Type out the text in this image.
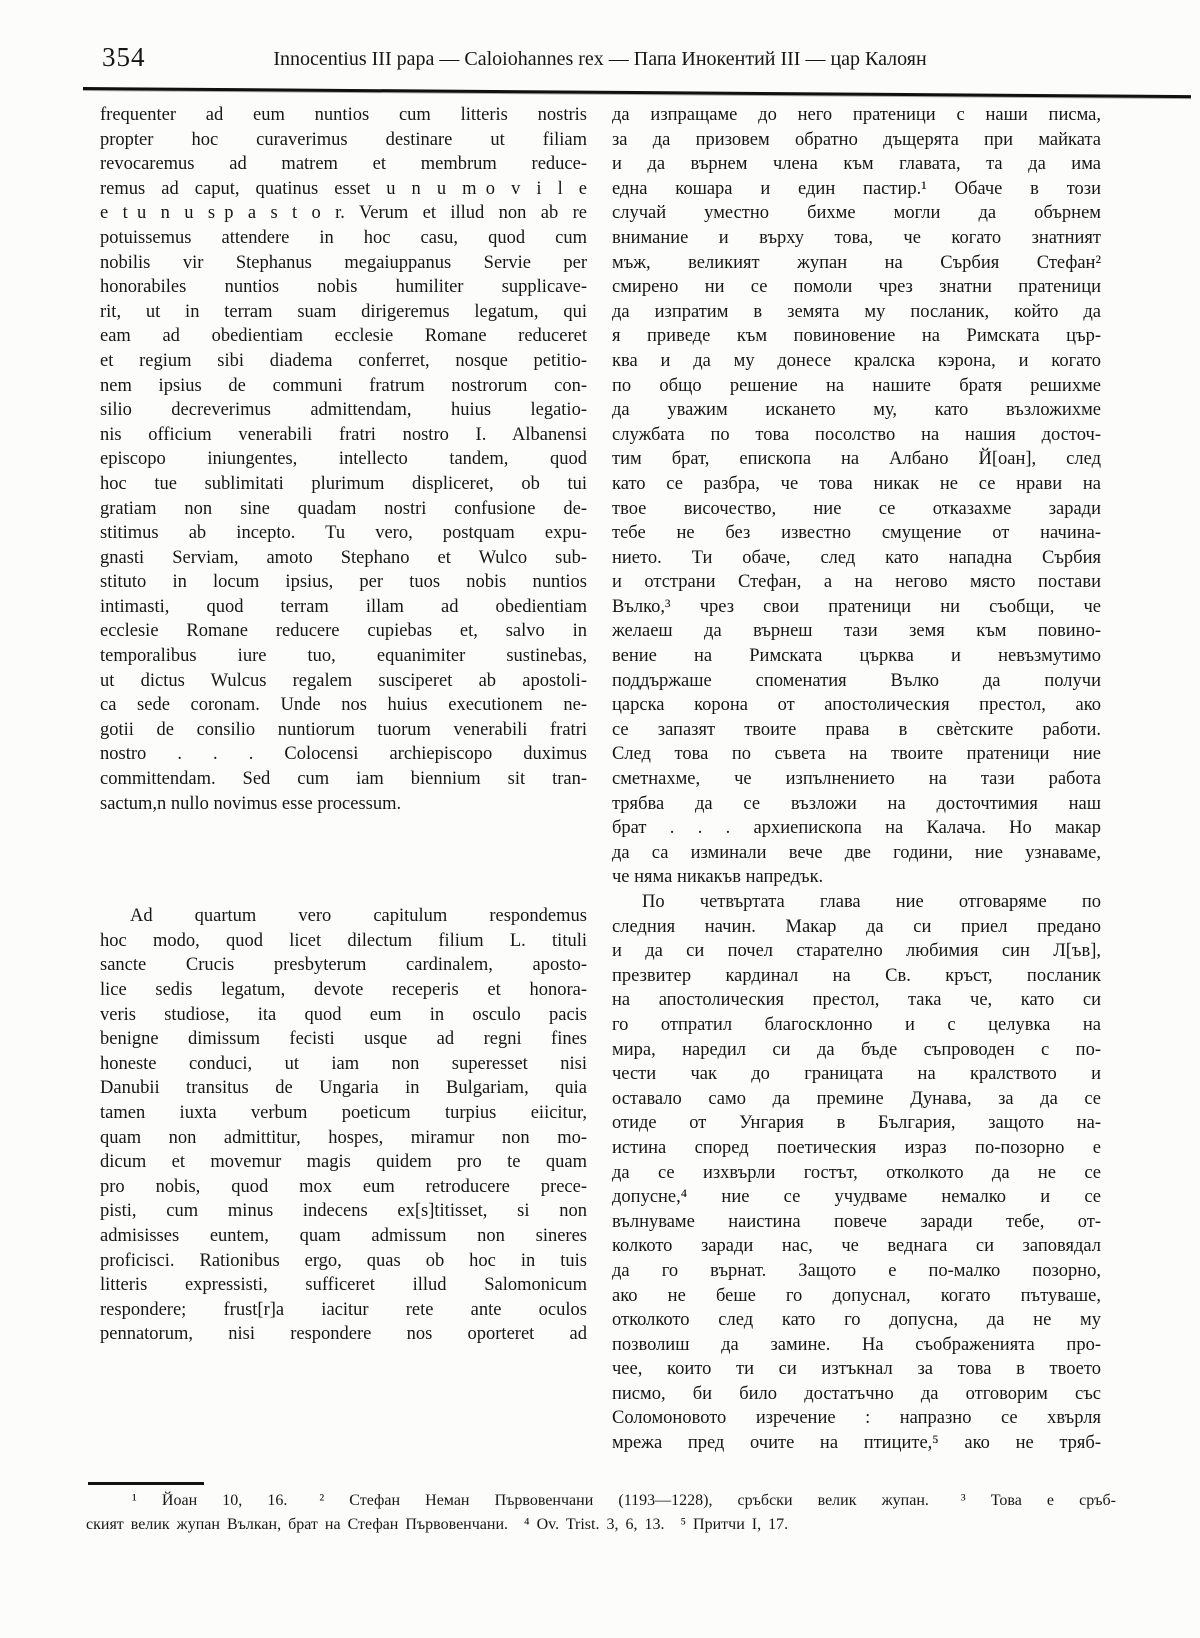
354	Innocentius III papa — Caloiohannes rex — Папа Инокентий III — цар Калоян
frequenter ad eum nuntios cum litteris nostris
propter hoc curaverimus destinare ut filiam
revocaremus ad matrem et membrum reduce-
remus ad caput, quatinus esset u n u m o v i l e
e t u n u s p a s t o r. Verum et illud non ab re
potuissemus attendere in hoc casu, quod cum
nobilis vir Stephanus megaiuppanus Servie per
honorabiles nuntios nobis humiliter supplicave-
rit, ut in terram suam dirigeremus legatum, qui
eam ad obedientiam ecclesie Romane reduceret
et regium sibi diadema conferret, nosque petitio-
nem ipsius de communi fratrum nostrorum con-
silio decreverimus admittendam, huius legatio-
nis officium venerabili fratri nostro I. Albanensi
episcopo iniungentes, intellecto tandem, quod
hoc tue sublimitati plurimum displiceret, ob tui
gratiam non sine quadam nostri confusione de-
stitimus ab incepto. Tu vero, postquam expu-
gnasti Serviam, amoto Stephano et Wulco sub-
stituto in locum ipsius, per tuos nobis nuntios
intimasti, quod terram illam ad obedientiam
ecclesie Romane reducere cupiebas et, salvo in
temporalibus iure tuo, equanimiter sustinebas,
ut dictus Wulcus regalem susciperet ab apostoli-
ca sede coronam. Unde nos huius executionem ne-
gotii de consilio nuntiorum tuorum venerabili fratri
nostro . . . Colocensi archiepiscopo duximus
committendam. Sed cum iam biennium sit tran-
sactum,n nullo novimus esse processum.
Ad quartum vero capitulum respondemus
hoc modo, quod licet dilectum filium L. tituli
sancte Crucis presbyterum cardinalem, aposto-
lice sedis legatum, devote receperis et honora-
veris studiose, ita quod eum in osculo pacis
benigne dimissum fecisti usque ad regni fines
honeste conduci, ut iam non superesset nisi
Danubii transitus de Ungaria in Bulgariam, quia
tamen iuxta verbum poeticum turpius eiicitur,
quam non admittitur, hospes, miramur non mo-
dicum et movemur magis quidem pro te quam
pro nobis, quod mox eum retroducere prece-
pisti, cum minus indecens ex[s]titisset, si non
admisisses euntem, quam admissum non sineres
proficisci. Rationibus ergo, quas ob hoc in tuis
litteris expressisti, sufficeret illud Salomonicum
respondere; frust[r]a iacitur rete ante oculos
pennatorum, nisi respondere nos oporteret ad
да изпращаме до него пратеници с наши писма,
за да призовем обратно дъщерята при майката
и да върнем члена към главата, та да има
една кошара и един пастир.¹ Обаче в този
случай уместно бихме могли да обърнем
внимание и върху това, че когато знатният
мъж, великият жупан на Сърбия Стефан²
смирено ни се помоли чрез знатни пратеници
да изпратим в земята му посланик, който да
я приведе към повиновение на Римската цър-
ква и да му донесе кралска кэрона, и когато
по общо решение на нашите братя решихме
да уважим искането му, като възложихме
службата по това посолство на нашия досточ-
тим брат, епископа на Албано Й[оан], след
като се разбра, че това никак не се нрави на
твое височество, ние се отказахме заради
тебе не без известно смущение от начина-
нието. Ти обаче, след като нападна Сърбия
и отстрани Стефан, а на негово място постави
Вълко,³ чрез свои пратеници ни съобщи, че
желаеш да върнеш тази земя към повино-
вение на Римската църква и невъзмутимо
поддържаше споменатия Вълко да получи
царска корона от апостолическия престол, ако
се запазят твоите права в свѐтските работи.
След това по съвета на твоите пратеници ние
сметнахме, че изпълнението на тази работа
трябва да се възложи на досточтимия наш
брат . . . архиепископа на Калача. Но макар
да са изминали вече две години, ние узнаваме,
че няма никакъв напредък.
По четвъртата глава ние отговаряме по
следния начин. Макар да си приел предано
и да си почел старателно любимия син Л[ъв],
презвитер кардинал на Св. кръст, посланик
на апостолическия престол, така че, като си
го отпратил благосклонно и с целувка на
мира, наредил си да бъде съпроводен с по-
чести чак до границата на кралството и
оставало само да премине Дунава, за да се
отиде от Унгария в България, защото на-
истина според поетическия израз по-позорно е
да се изхвърли гостът, отколкото да не се
допусне,⁴ ние се учудваме немалко и се
вълнуваме наистина повече заради тебе, от-
колкото заради нас, че веднага си заповядал
да го върнат. Защото е по-малко позорно,
ако не беше го допуснал, когато пътуваше,
отколкото след като го допусна, да не му
позволиш да замине. На съображенията про-
чее, които ти си изтъкнал за това в твоето
писмо, би било достатъчно да отговорим със
Соломоновото изречение : напразно се хвърля
мрежа пред очите на птиците,⁵ ако не тряб-
¹ Йоан 10, 16.  ² Стефан Неман Първовенчани (1193—1228), сръбски велик жупан.  ³ Това е сръб-
ският велик жупан Вълкан, брат на Стефан Първовенчани. ⁴ Ov. Trist. 3, 6, 13. ⁵ Притчи I, 17.
